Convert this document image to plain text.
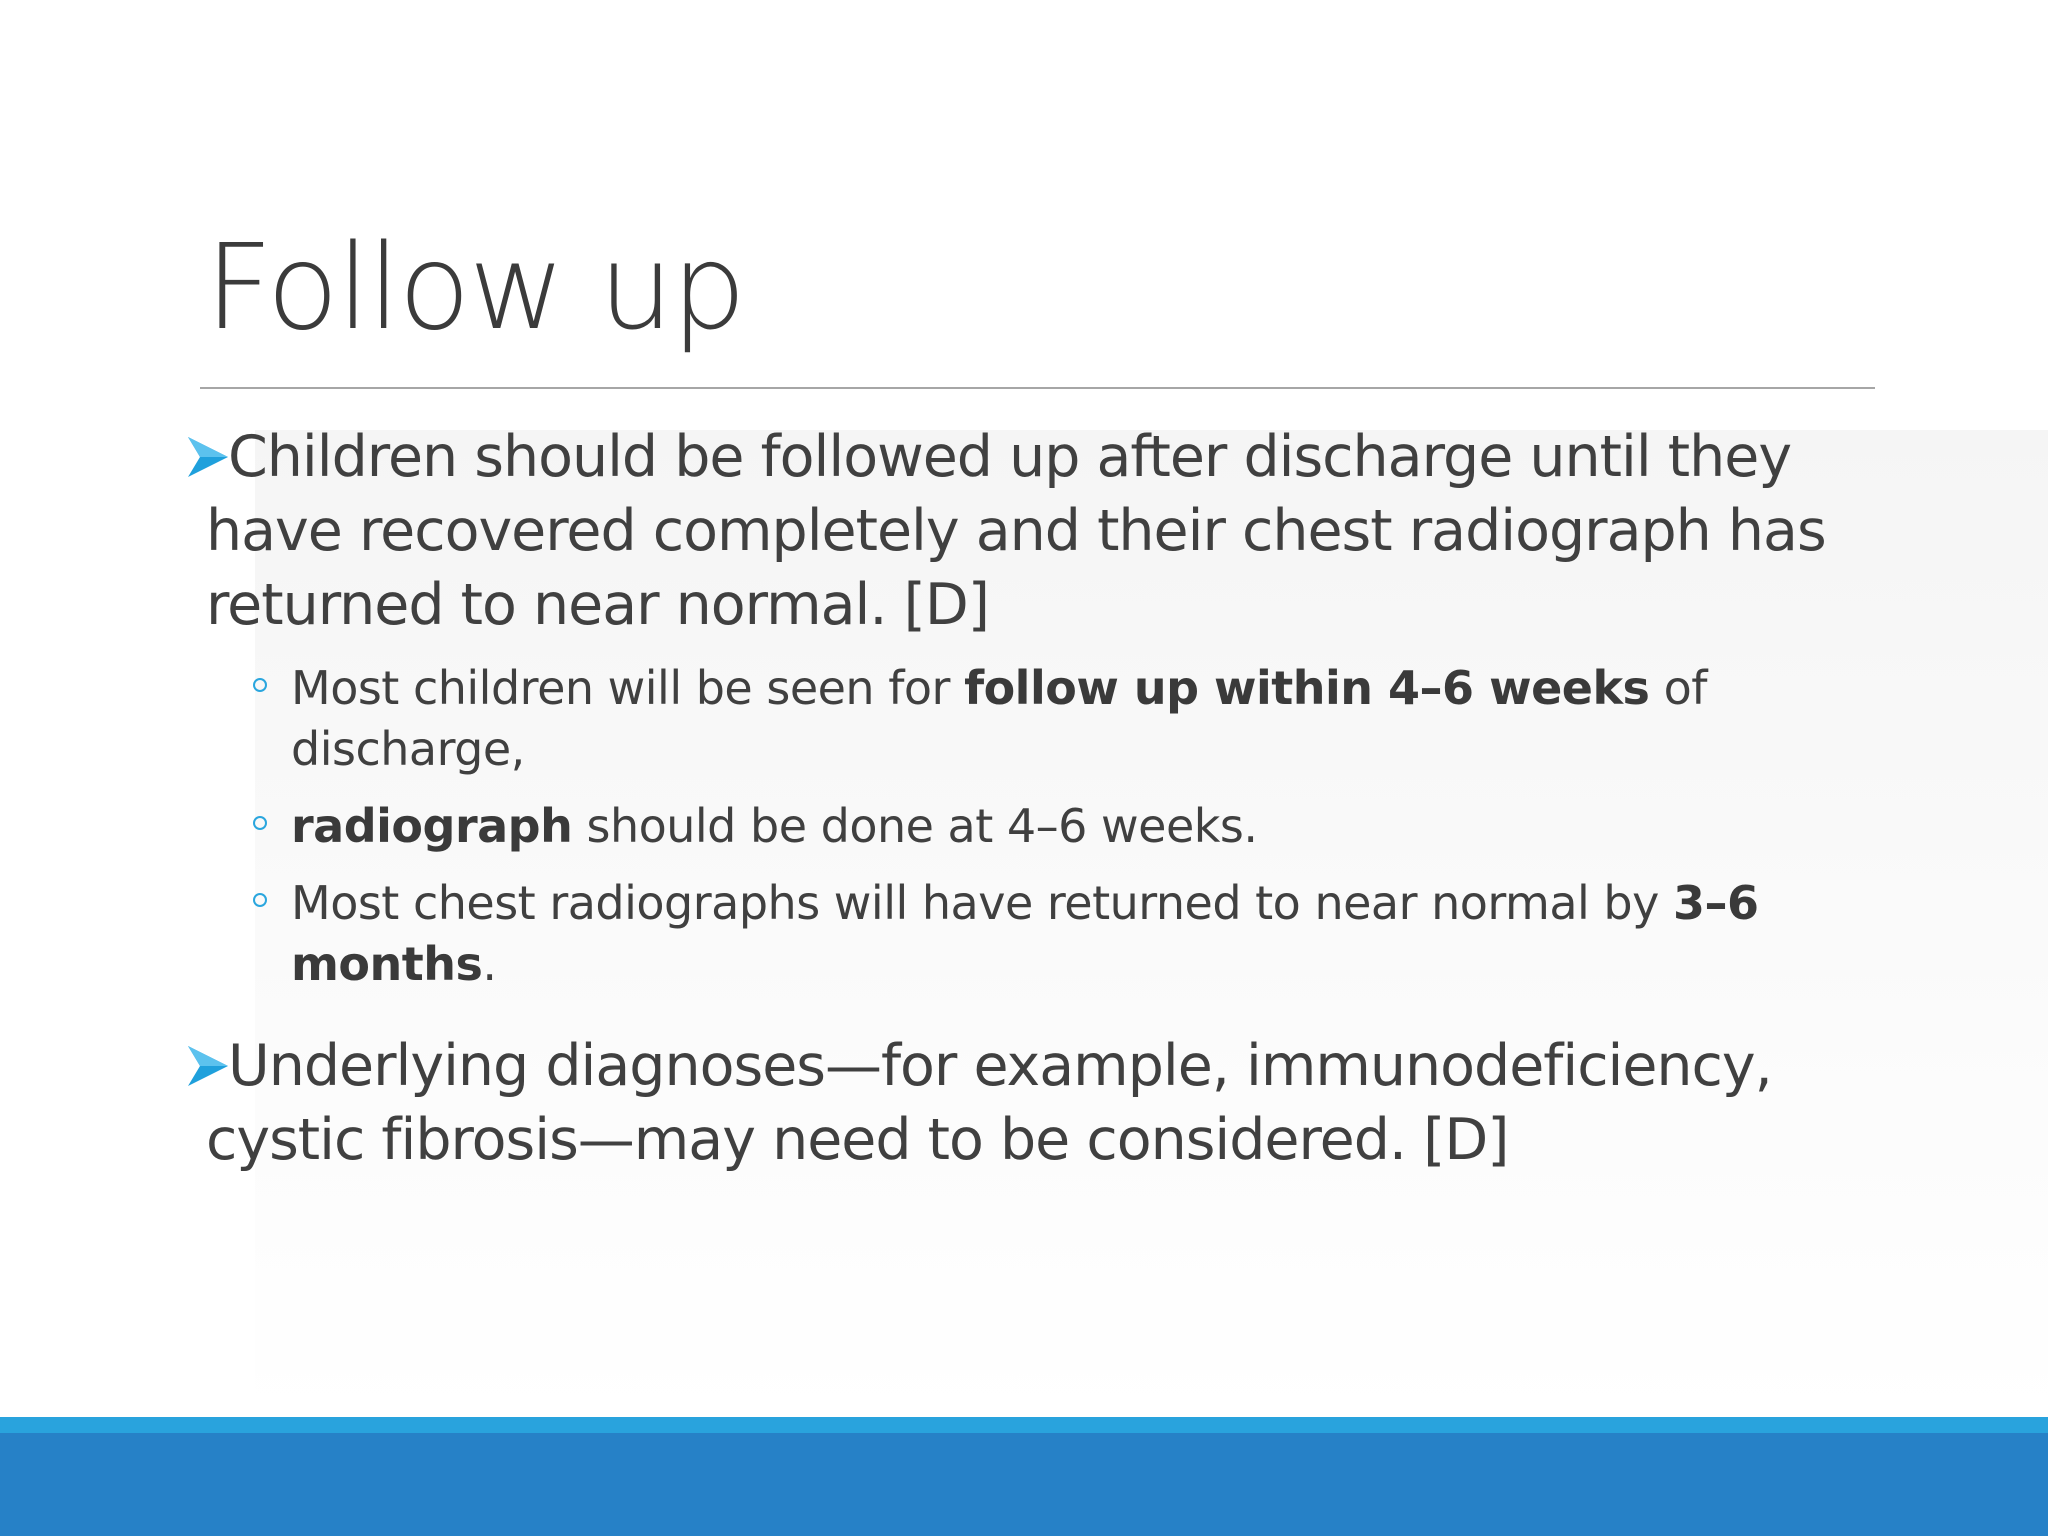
Follow up
Children should be followed up after discharge until they have recovered completely and their chest radiograph has returned to near normal. [D]
Most children will be seen for follow up within 4–6 weeks of discharge,
radiograph should be done at 4–6 weeks.
Most chest radiographs will have returned to near normal by 3–6 months.
Underlying diagnoses—for example, immunodeficiency, cystic fibrosis—may need to be considered. [D]
